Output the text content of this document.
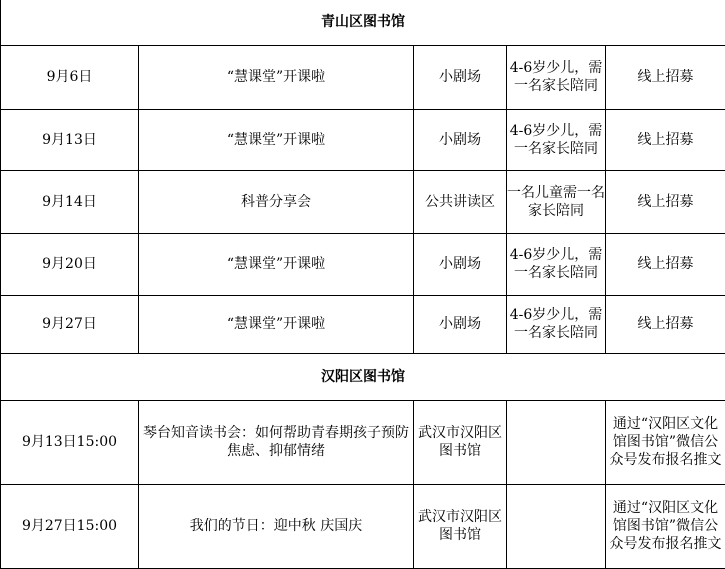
青山区图书馆				
9月6日	“慧课堂”开课啦	小剧场	4-6岁少儿，需一名家长陪同	线上招募
9月13日	“慧课堂”开课啦	小剧场	4-6岁少儿，需一名家长陪同	线上招募
9月14日	科普分享会	公共讲读区	一名儿童需一名家长陪同	线上招募
9月20日	“慧课堂”开课啦	小剧场	4-6岁少儿，需一名家长陪同	线上招募
9月27日	“慧课堂”开课啦	小剧场	4-6岁少儿，需一名家长陪同	线上招募
汉阳区图书馆				
9月13日15:00	琴台知音读书会：如何帮助青春期孩子预防焦虑、抑郁情绪	武汉市汉阳区图书馆		通过“汉阳区文化馆图书馆”微信公众号发布报名推文
9月27日15:00	我们的节日：迎中秋 庆国庆	武汉市汉阳区图书馆		通过“汉阳区文化馆图书馆”微信公众号发布报名推文
